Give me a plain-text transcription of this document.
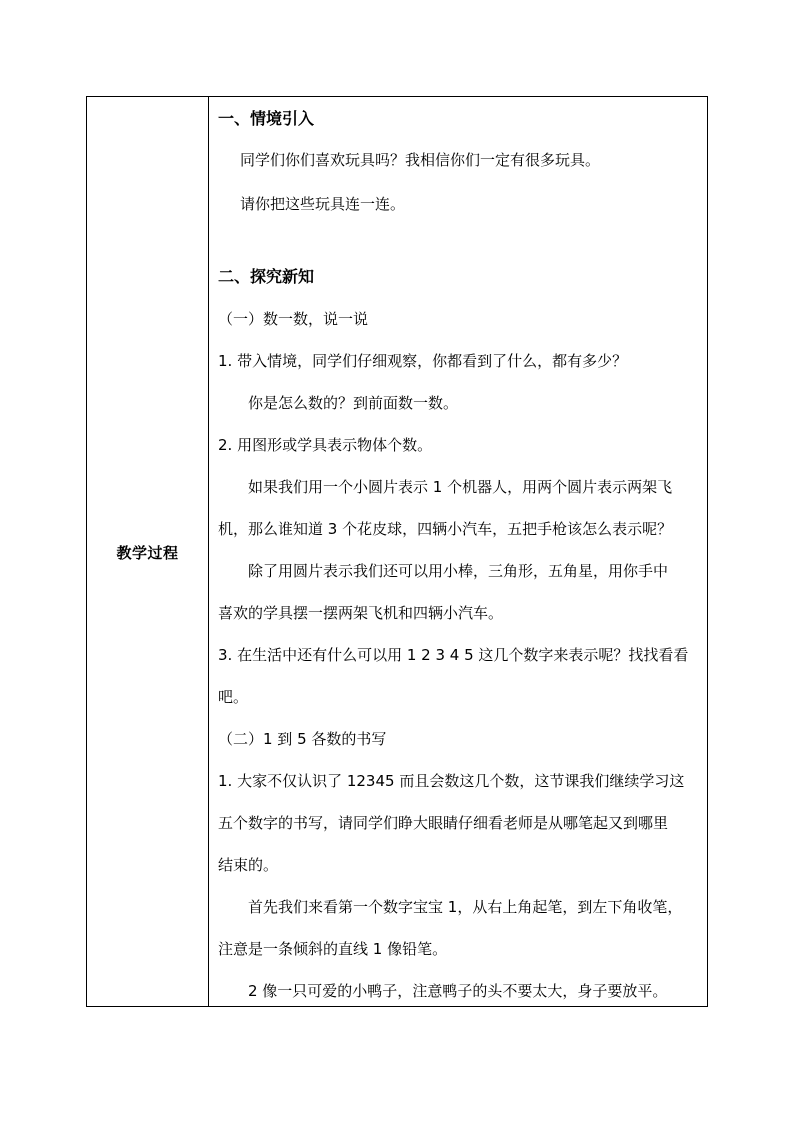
教学过程	
一、情境引入
同学们你们喜欢玩具吗？我相信你们一定有很多玩具。
请你把这些玩具连一连。
二、探究新知
（一）数一数，说一说
1. 带入情境，同学们仔细观察，你都看到了什么，都有多少？
你是怎么数的？到前面数一数。
2. 用图形或学具表示物体个数。
如果我们用一个小圆片表示 1 个机器人，用两个圆片表示两架飞
机，那么谁知道 3 个花皮球，四辆小汽车，五把手枪该怎么表示呢？
除了用圆片表示我们还可以用小棒，三角形，五角星，用你手中
喜欢的学具摆一摆两架飞机和四辆小汽车。
3. 在生活中还有什么可以用 1 2 3 4 5 这几个数字来表示呢？找找看看
吧。
（二）1 到 5 各数的书写
1. 大家不仅认识了 12345 而且会数这几个数，这节课我们继续学习这
五个数字的书写，请同学们睁大眼睛仔细看老师是从哪笔起又到哪里
结束的。
首先我们来看第一个数字宝宝 1，从右上角起笔，到左下角收笔，
注意是一条倾斜的直线 1 像铅笔。
2 像一只可爱的小鸭子，注意鸭子的头不要太大，身子要放平。
